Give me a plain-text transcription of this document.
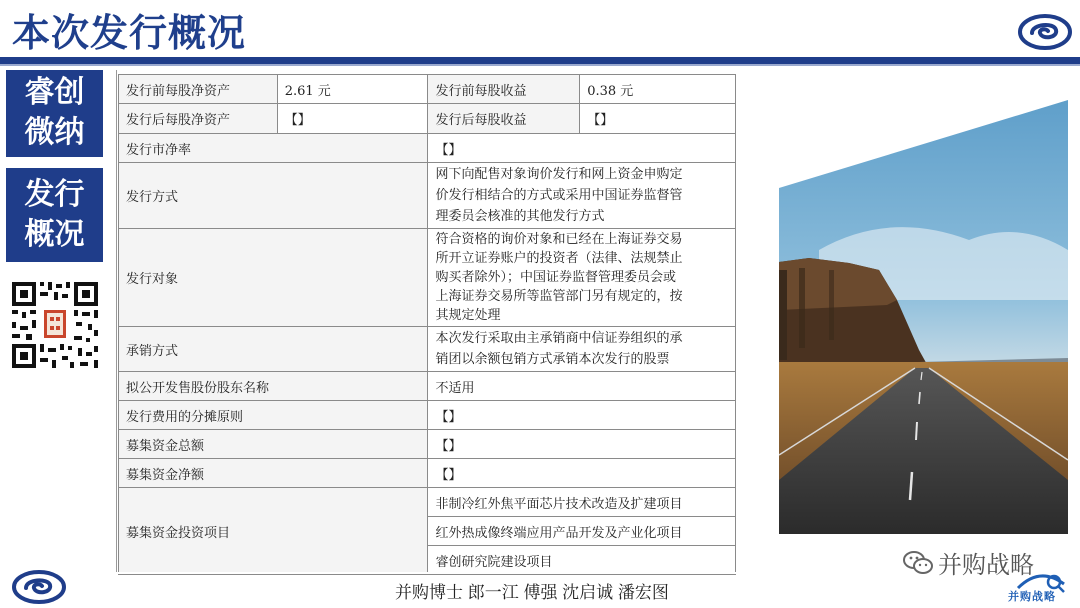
本次发行概况
睿创
微纳
发行
概况
发行前每股净资产	2.61 元	发行前每股收益	0.38 元
发行后每股净资产	【】	发行后每股收益	【】
发行市净率		【】	
发行方式		网下向配售对象询价发行和网上资金申购定
价发行相结合的方式或采用中国证券监督管
理委员会核准的其他发行方式	

发行对象		符合资格的询价对象和已经在上海证券交易
所开立证券账户的投资者（法律、法规禁止
购买者除外）；中国证券监督管理委员会或
上海证券交易所等监管部门另有规定的，按
其规定处理	

承销方式		本次发行采取由主承销商中信证券组织的承
销团以余额包销方式承销本次发行的股票	

拟公开发售股份股东名称		不适用	
发行费用的分摊原则		【】	
募集资金总额		【】	
募集资金净额		【】	
募集资金投资项目		非制冷红外焦平面芯片技术改造及扩建项目	
		红外热成像终端应用产品开发及产业化项目	
		睿创研究院建设项目	
并购博士 郎一江 傅强 沈启诚 潘宏图
并购战略
并购战略
